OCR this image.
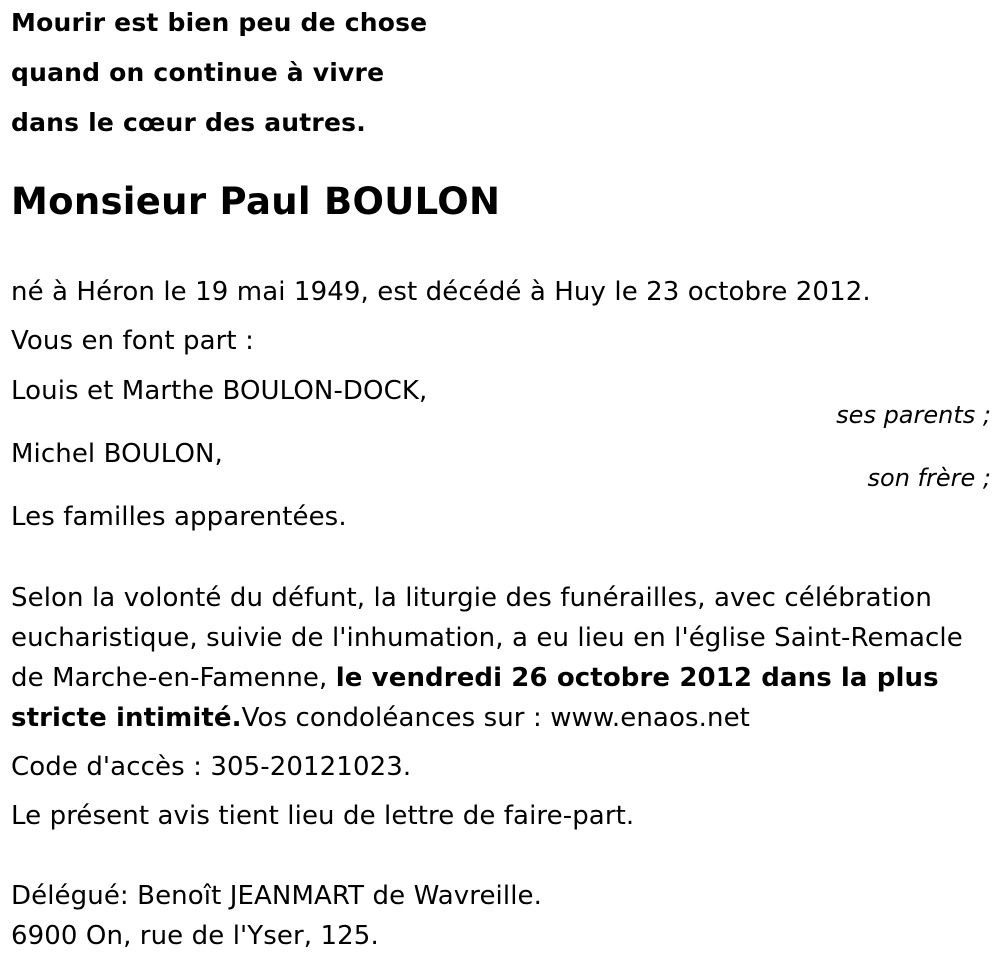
Mourir est bien peu de chose
quand on continue à vivre
dans le cœur des autres.
Monsieur Paul BOULON
né à Héron le 19 mai 1949, est décédé à Huy le 23 octobre 2012.
Vous en font part :
Louis et Marthe BOULON-DOCK,
ses parents ;
Michel BOULON,
son frère ;
Les familles apparentées.
Selon la volonté du défunt, la liturgie des funérailles, avec célébration eucharistique, suivie de l'inhumation, a eu lieu en l'église Saint-Remacle de Marche-en-Famenne, le vendredi 26 octobre 2012 dans la plus stricte intimité.Vos condoléances sur : www.enaos.net
Code d'accès : 305-20121023.
Le présent avis tient lieu de lettre de faire-part.
Délégué: Benoît JEANMART de Wavreille.
6900 On, rue de l'Yser, 125.
